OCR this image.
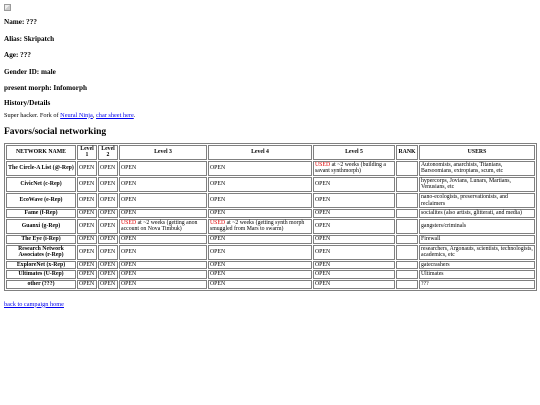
Name: ???

Alias: Skripatch

Age: ???

Gender ID: male

present morph: Infomorph

History/Details

Super hacker. Fork of Neural Ninja, char sheet here.

Favors/social networking
NETWORK NAME	Level 1	Level 2	Level 3	Level 4	Level 5	RANK	USERS
The Circle-A List (@-Rep)	OPEN	OPEN	OPEN	OPEN	USED at ~2 weeks (building a savant synthmorph)		Autonomists, anarchists, Titanians, Barsoomians, extropians, scum, etc
CivicNet (c-Rep)	OPEN	OPEN	OPEN	OPEN	OPEN		hypercorps, Jovians, Lunars, Martians, Venusians, etc
EcoWave (e-Rep)	OPEN	OPEN	OPEN	OPEN	OPEN		nano-ecologists, preservationists, and reclaimers
Fame (f-Rep)	OPEN	OPEN	OPEN	OPEN	OPEN		socialites (also artists, glitterati, and media)
Guanxi (g-Rep)	OPEN	OPEN	USED at ~2 weeks (getting anon account on Nova Timbuk)	USED at ~2 weeks (getting synth morph smuggled from Mars to swarm)	OPEN		gangsters/criminals
The Eye (i-Rep)	OPEN	OPEN	OPEN	OPEN	OPEN		Firewall
Research Network Associates (r-Rep)	OPEN	OPEN	OPEN	OPEN	OPEN		researchers, Argonauts, scientists, technologists, academics, etc
ExploreNet (x-Rep)	OPEN	OPEN	OPEN	OPEN	OPEN		gatecrashers
Ultimates (U-Rep)	OPEN	OPEN	OPEN	OPEN	OPEN		Ultimates
other (???)	OPEN	OPEN	OPEN	OPEN	OPEN		???
back to campaign home
